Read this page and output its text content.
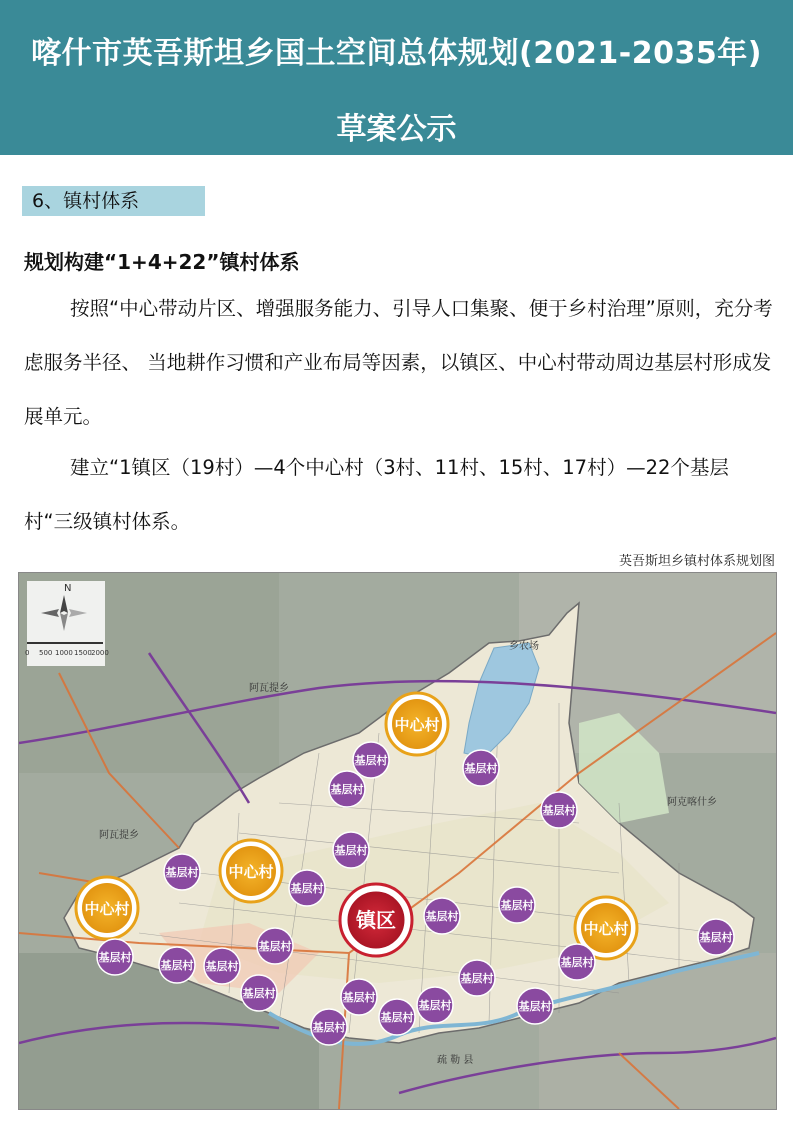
喀什市英吾斯坦乡国土空间总体规划(2021-2035年)
草案公示
6、镇村体系
规划构建“1+4+22”镇村体系
按照“中心带动片区、增强服务能力、引导人口集聚、便于乡村治理”原则，充分考虑服务半径、 当地耕作习惯和产业布局等因素，以镇区、中心村带动周边基层村形成发展单元。
建立“1镇区（19村）—4个中心村（3村、11村、15村、17村）—22个基层村“三级镇村体系。
英吾斯坦乡镇村体系规划图
N
0 500 1000 1500 2000
阿瓦提乡
阿瓦提乡
阿克喀什乡
疏 勒 县
乡农场
镇区
中心村
中心村
中心村
中心村
基层村
基层村
基层村
基层村
基层村
基层村
基层村
基层村
基层村
基层村
基层村 基层村
基层村
基层村	基层村
基层村
基层村
基层村
基层村
基层村
基层村
基层村
